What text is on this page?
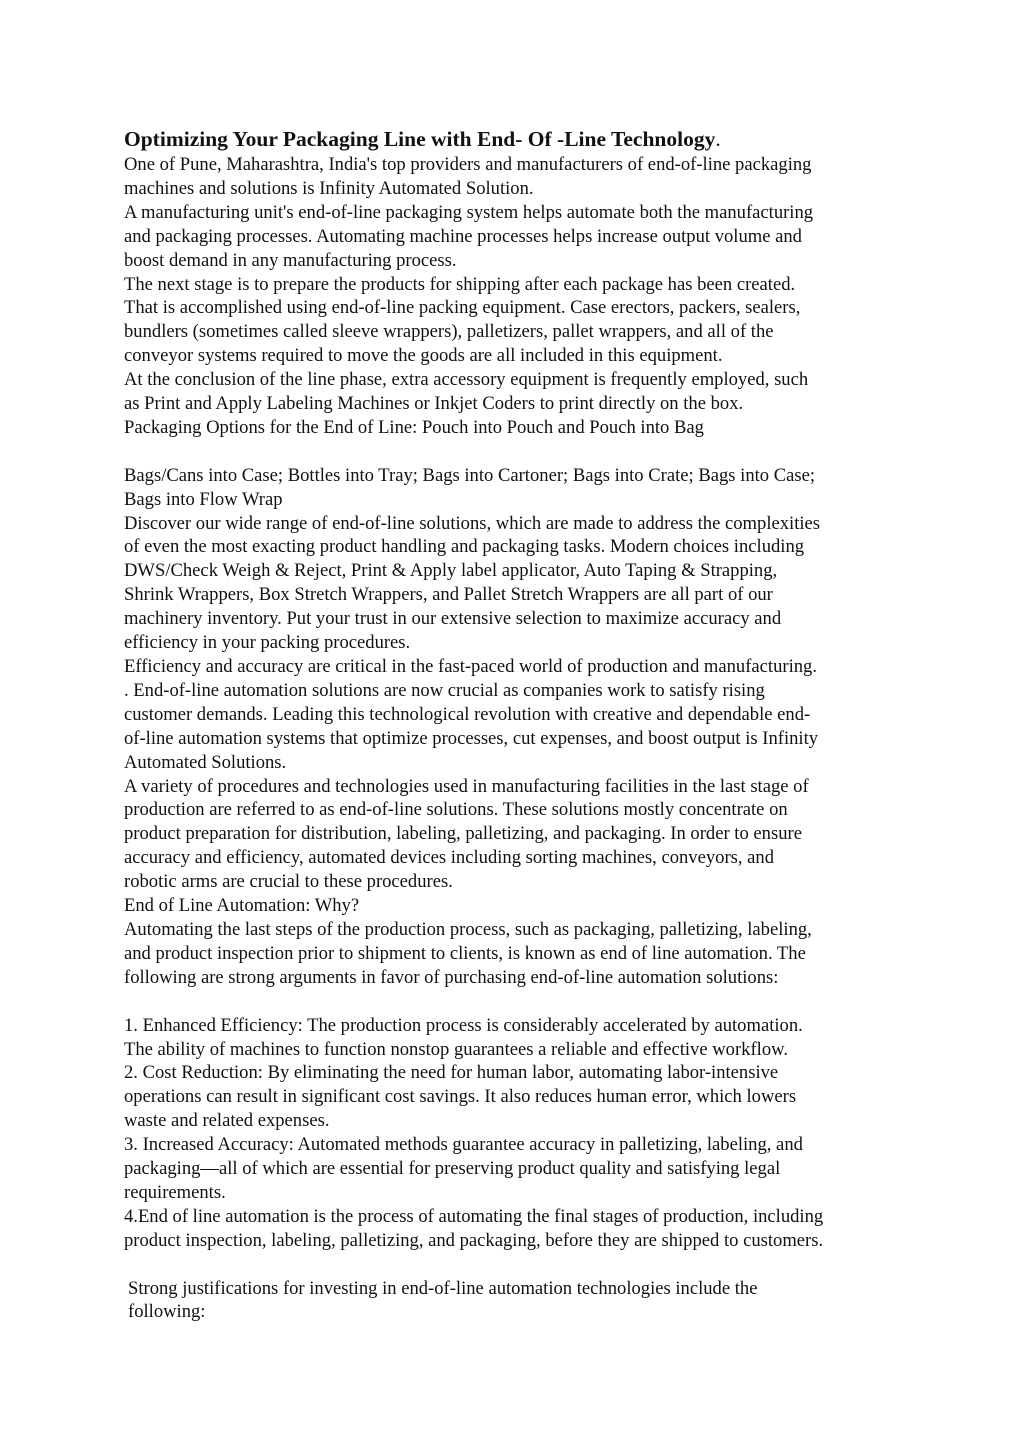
Optimizing Your Packaging Line with End- Of -Line Technology.

One of Pune, Maharashtra, India's top providers and manufacturers of end-of-line packaging
machines and solutions is Infinity Automated Solution.

A manufacturing unit's end-of-line packaging system helps automate both the manufacturing
and packaging processes. Automating machine processes helps increase output volume and
boost demand in any manufacturing process.

The next stage is to prepare the products for shipping after each package has been created.
That is accomplished using end-of-line packing equipment. Case erectors, packers, sealers,
bundlers (sometimes called sleeve wrappers), palletizers, pallet wrappers, and all of the
conveyor systems required to move the goods are all included in this equipment.

At the conclusion of the line phase, extra accessory equipment is frequently employed, such
as Print and Apply Labeling Machines or Inkjet Coders to print directly on the box.

Packaging Options for the End of Line: Pouch into Pouch and Pouch into Bag

Bags/Cans into Case; Bottles into Tray; Bags into Cartoner; Bags into Crate; Bags into Case;
Bags into Flow Wrap

Discover our wide range of end-of-line solutions, which are made to address the complexities
of even the most exacting product handling and packaging tasks. Modern choices including
DWS/Check Weigh & Reject, Print & Apply label applicator, Auto Taping & Strapping,
Shrink Wrappers, Box Stretch Wrappers, and Pallet Stretch Wrappers are all part of our
machinery inventory. Put your trust in our extensive selection to maximize accuracy and
efficiency in your packing procedures.

Efficiency and accuracy are critical in the fast-paced world of production and manufacturing.
. End-of-line automation solutions are now crucial as companies work to satisfy rising
customer demands. Leading this technological revolution with creative and dependable end-
of-line automation systems that optimize processes, cut expenses, and boost output is Infinity
Automated Solutions.

A variety of procedures and technologies used in manufacturing facilities in the last stage of
production are referred to as end-of-line solutions. These solutions mostly concentrate on
product preparation for distribution, labeling, palletizing, and packaging. In order to ensure
accuracy and efficiency, automated devices including sorting machines, conveyors, and
robotic arms are crucial to these procedures.

End of Line Automation: Why?

Automating the last steps of the production process, such as packaging, palletizing, labeling,
and product inspection prior to shipment to clients, is known as end of line automation. The
following are strong arguments in favor of purchasing end-of-line automation solutions:

1. Enhanced Efficiency: The production process is considerably accelerated by automation.
The ability of machines to function nonstop guarantees a reliable and effective workflow.

2. Cost Reduction: By eliminating the need for human labor, automating labor-intensive
operations can result in significant cost savings. It also reduces human error, which lowers
waste and related expenses.

3. Increased Accuracy: Automated methods guarantee accuracy in palletizing, labeling, and
packaging—all of which are essential for preserving product quality and satisfying legal
requirements.

4.End of line automation is the process of automating the final stages of production, including
product inspection, labeling, palletizing, and packaging, before they are shipped to customers.

Strong justifications for investing in end-of-line automation technologies include the
following:
